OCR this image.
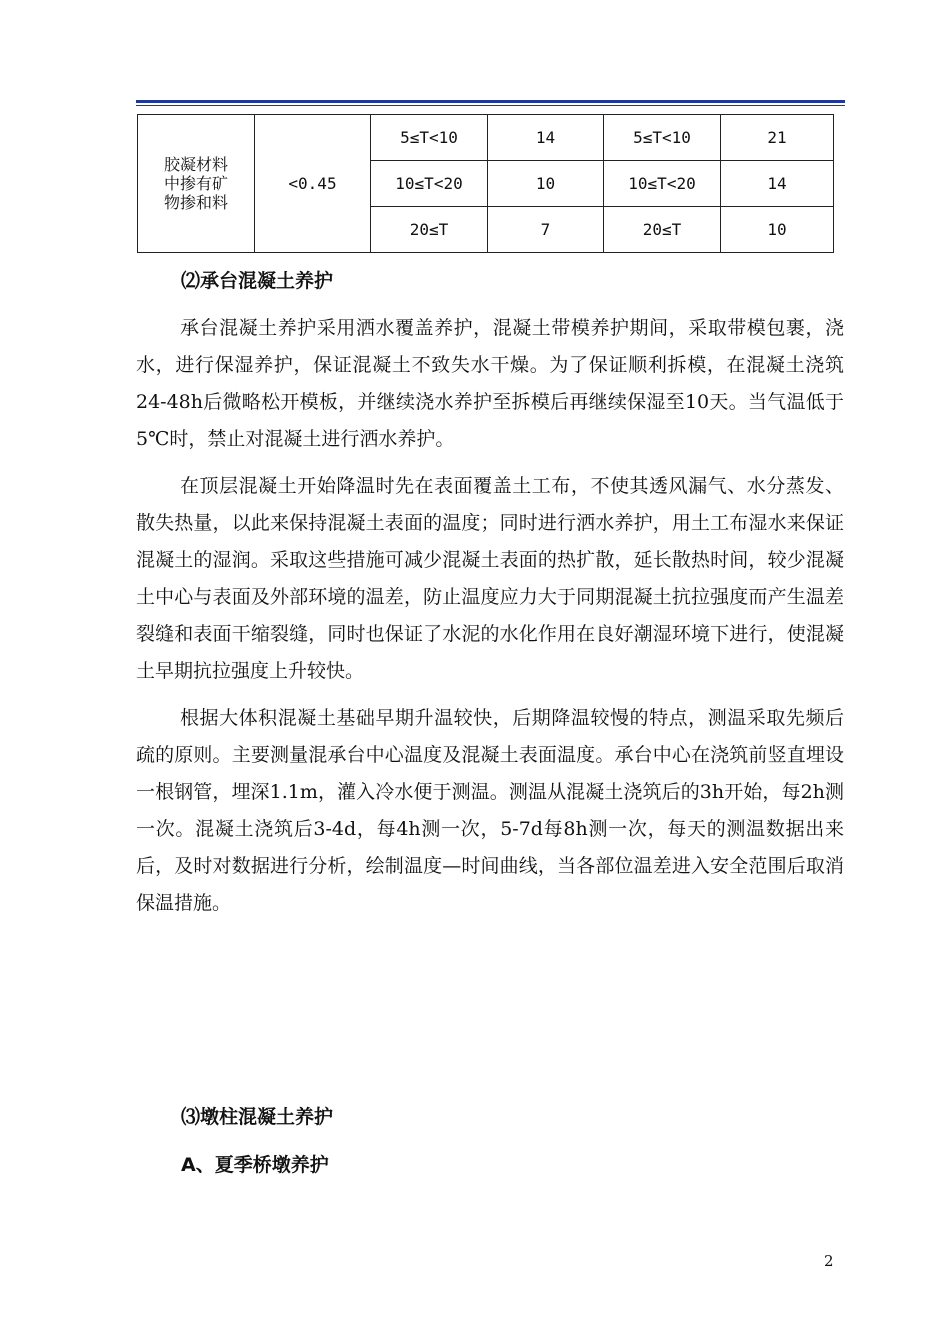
胶凝材料
中掺有矿
物掺和料	<0.45	5≤T<10	14	5≤T<10	21
		10≤T<20	10	10≤T<20	14
		20≤T	7	20≤T	10
⑵承台混凝土养护

承台混凝土养护采用洒水覆盖养护，混凝土带模养护期间，采取带模包裹，浇水，进行保湿养护，保证混凝土不致失水干燥。为了保证顺利拆模，在混凝土浇筑24-48h后微略松开模板，并继续浇水养护至拆模后再继续保湿至10天。当气温低于5℃时，禁止对混凝土进行洒水养护。

在顶层混凝土开始降温时先在表面覆盖土工布，不使其透风漏气、水分蒸发、散失热量，以此来保持混凝土表面的温度；同时进行洒水养护，用土工布湿水来保证混凝土的湿润。采取这些措施可减少混凝土表面的热扩散，延长散热时间，较少混凝土中心与表面及外部环境的温差，防止温度应力大于同期混凝土抗拉强度而产生温差裂缝和表面干缩裂缝，同时也保证了水泥的水化作用在良好潮湿环境下进行，使混凝土早期抗拉强度上升较快。

根据大体积混凝土基础早期升温较快，后期降温较慢的特点，测温采取先频后疏的原则。主要测量混承台中心温度及混凝土表面温度。承台中心在浇筑前竖直埋设一根钢管，埋深1.1m，灌入冷水便于测温。测温从混凝土浇筑后的3h开始，每2h测一次。混凝土浇筑后3-4d，每4h测一次，5-7d每8h测一次，每天的测温数据出来后，及时对数据进行分析，绘制温度—时间曲线，当各部位温差进入安全范围后取消保温措施。

⑶墩柱混凝土养护
A、夏季桥墩养护
2
